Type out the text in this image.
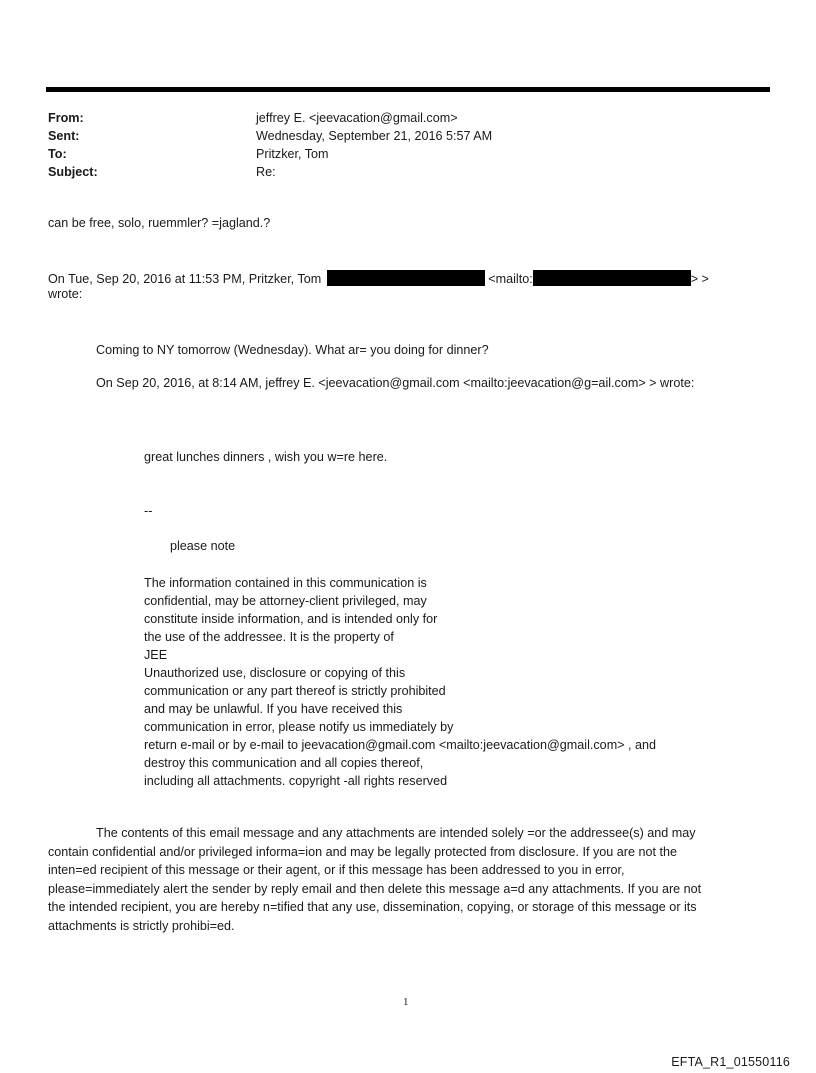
From:	jeffrey E. <jeevacation@gmail.com>
Sent:	Wednesday, September 21, 2016 5:57 AM
To:	Pritzker, Tom
Subject:	Re:
can be free, solo, ruemmler? =jagland.?
On Tue, Sep 20, 2016 at 11:53 PM, Pritzker, Tom	<mailto:	> >
wrote:
Coming to NY tomorrow (Wednesday). What ar= you doing for dinner?
On Sep 20, 2016, at 8:14 AM, jeffrey E. <jeevacation@gmail.com <mailto:jeevacation@g=ail.com> > wrote:
great lunches dinners , wish you w=re here.
--
please note
The information contained in this communication is
confidential, may be attorney-client privileged, may
constitute inside information, and is intended only for
the use of the addressee. It is the property of
JEE
Unauthorized use, disclosure or copying of this
communication or any part thereof is strictly prohibited
and may be unlawful. If you have received this
communication in error, please notify us immediately by
return e-mail or by e-mail to jeevacation@gmail.com <mailto:jeevacation@gmail.com> , and
destroy this communication and all copies thereof,
including all attachments. copyright -all rights reserved
The contents of this email message and any attachments are intended solely =or the addressee(s) and may
contain confidential and/or privileged informa=ion and may be legally protected from disclosure. If you are not the
inten=ed recipient of this message or their agent, or if this message has been addressed to you in error,
please=immediately alert the sender by reply email and then delete this message a=d any attachments. If you are not
the intended recipient, you are hereby n=tified that any use, dissemination, copying, or storage of this message or its
attachments is strictly prohibi=ed.
1
EFTA_R1_01550116
